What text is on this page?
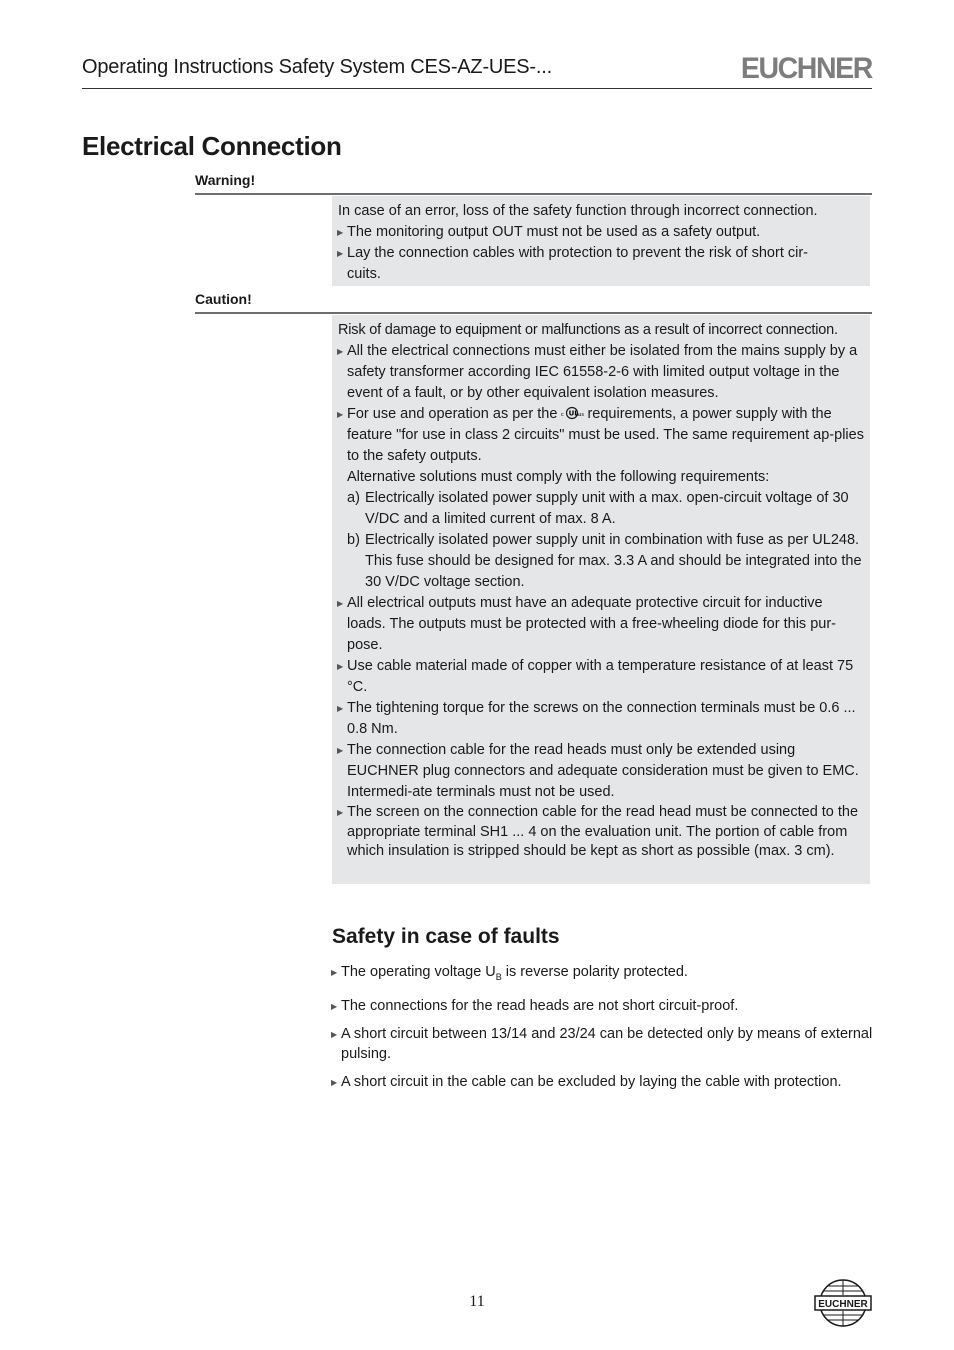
Operating Instructions Safety System CES-AZ-UES-...	EUCHNER
Electrical Connection
Warning!

In case of an error, loss of the safety function through incorrect connection.

▶ The monitoring output OUT must not be used as a safety output.

▶ Lay the connection cables with protection to prevent the risk of short cir-

cuits.

Caution!

Risk of damage to equipment or malfunctions as a result of incorrect connection.

▶ All the electrical connections must either be isolated from the mains supply by a safety transformer according IEC 61558-2-6 with limited output voltage in the event of a fault, or by other equivalent isolation measures.

▶ For use and operation as per the c UL us requirements, a power supply with the feature "for use in class 2 circuits" must be used. The same requirement ap-plies to the safety outputs.

Alternative solutions must comply with the following requirements:

a) Electrically isolated power supply unit with a max. open-circuit voltage of 30 V/DC and a limited current of max. 8 A.

b) Electrically isolated power supply unit in combination with fuse as per UL248. This fuse should be designed for max. 3.3 A and should be integrated into the 30 V/DC voltage section.

▶ All electrical outputs must have an adequate protective circuit for inductive loads. The outputs must be protected with a free-wheeling diode for this pur-pose.

▶ Use cable material made of copper with a temperature resistance of at least 75 °C.

▶ The tightening torque for the screws on the connection terminals must be 0.6 ... 0.8 Nm.

▶ The connection cable for the read heads must only be extended using EUCHNER plug connectors and adequate consideration must be given to EMC. Intermedi-ate terminals must not be used.

▶ The screen on the connection cable for the read head must be connected to the appropriate terminal SH1 ... 4 on the evaluation unit. The portion of cable from which insulation is stripped should be kept as short as possible (max. 3 cm).

Safety in case of faults

▶ The operating voltage $U_B$ is reverse polarity protected.

▶ The connections for the read heads are not short circuit-proof.

▶ A short circuit between 13/14 and 23/24 can be detected only by means of external pulsing.

▶ A short circuit in the cable can be excluded by laying the cable with protection.

11	EUCHNER
